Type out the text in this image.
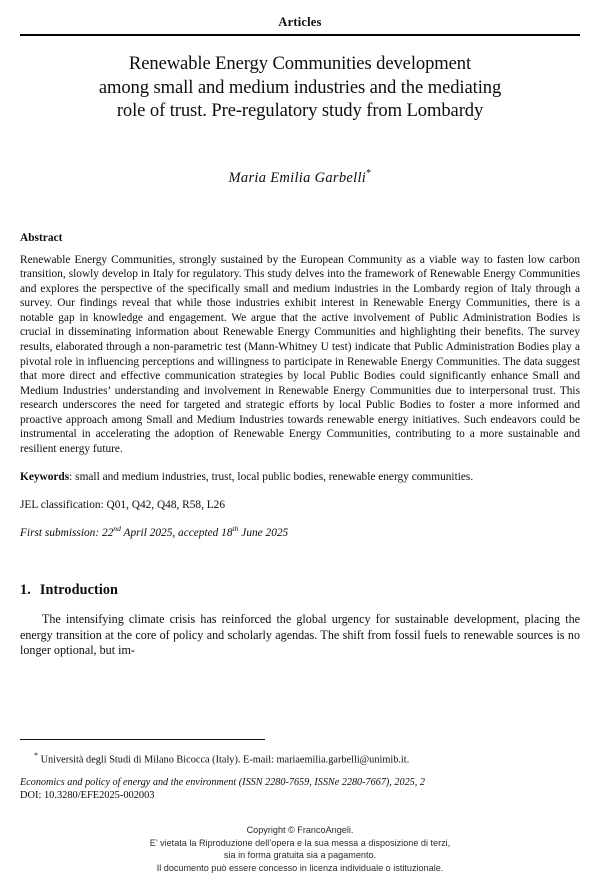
Articles
Renewable Energy Communities development
among small and medium industries and the mediating
role of trust. Pre-regulatory study from Lombardy
Maria Emilia Garbelli*
Abstract
Renewable Energy Communities, strongly sustained by the European Community as a viable way to fasten low carbon transition, slowly develop in Italy for regulatory. This study delves into the framework of Renewable Energy Communities and explores the perspective of the specifically small and medium industries in the Lombardy region of Italy through a survey. Our findings reveal that while those industries exhibit interest in Renewable Energy Communities, there is a notable gap in knowledge and engagement. We argue that the active involvement of Public Administration Bodies is crucial in disseminating information about Renewable Energy Communities and highlighting their benefits. The survey results, elaborated through a non-parametric test (Mann-Whitney U test) indicate that Public Administration Bodies play a pivotal role in influencing perceptions and willingness to participate in Renewable Energy Communities. The data suggest that more direct and effective communication strategies by local Public Bodies could significantly enhance Small and Medium Industries’ understanding and involvement in Renewable Energy Communities due to interpersonal trust. This research underscores the need for targeted and strategic efforts by local Public Bodies to foster a more informed and proactive approach among Small and Medium Industries towards renewable energy initiatives. Such endeavors could be instrumental in accelerating the adoption of Renewable Energy Communities, contributing to a more sustainable and resilient energy future.
Keywords: small and medium industries, trust, local public bodies, renewable energy communities.
JEL classification: Q01, Q42, Q48, R58, L26
First submission: 22nd April 2025, accepted 18th June 2025
1. Introduction
The intensifying climate crisis has reinforced the global urgency for sustainable development, placing the energy transition at the core of policy and scholarly agendas. The shift from fossil fuels to renewable sources is no longer optional, but im-
* Università degli Studi di Milano Bicocca (Italy). E-mail: mariaemilia.garbelli@unimib.it.
Economics and policy of energy and the environment (ISSN 2280-7659, ISSNe 2280-7667), 2025, 2
DOI: 10.3280/EFE2025-002003
Copyright © FrancoAngeli.
E’ vietata la Riproduzione dell’opera e la sua messa a disposizione di terzi,
sia in forma gratuita sia a pagamento.
Il documento può essere concesso in licenza individuale o istituzionale.
